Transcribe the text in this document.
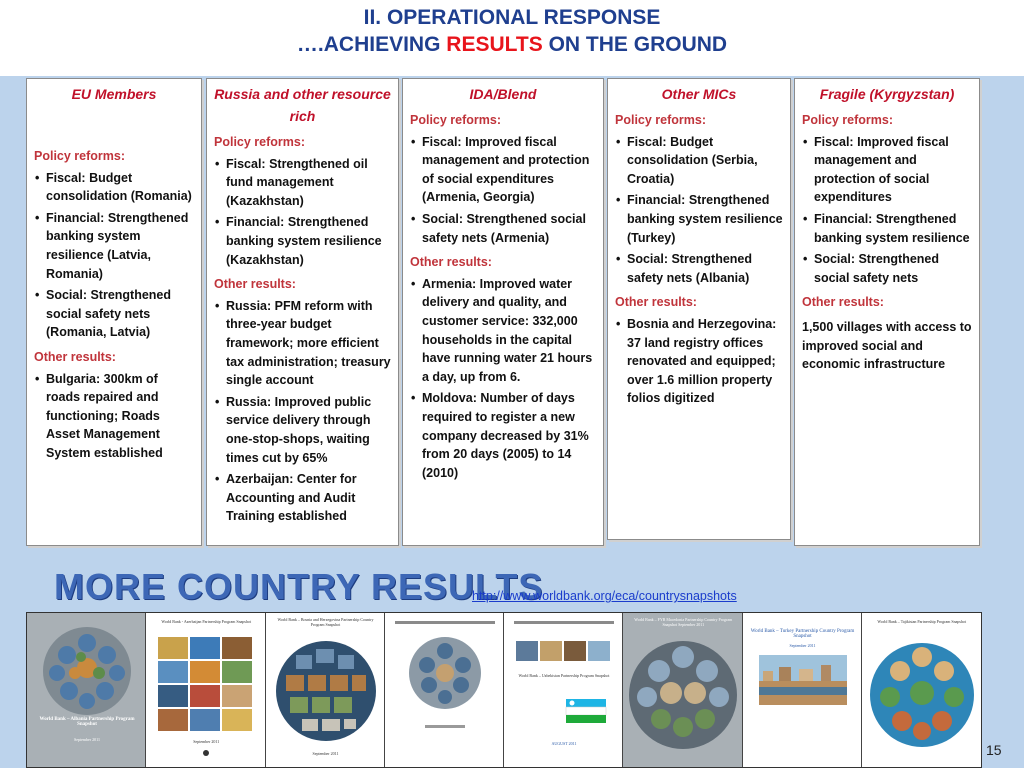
II. OPERATIONAL RESPONSE
….ACHIEVING RESULTS ON THE GROUND
EU Members
Policy reforms:
• Fiscal: Budget consolidation (Romania)
• Financial: Strengthened banking system resilience (Latvia, Romania)
• Social: Strengthened social safety nets (Romania, Latvia)
Other results:
• Bulgaria: 300km of roads repaired and functioning; Roads Asset Management System established
Russia and other resource rich
Policy reforms:
• Fiscal: Strengthened oil fund management (Kazakhstan)
• Financial: Strengthened banking system resilience (Kazakhstan)
Other results:
• Russia: PFM reform with three-year budget framework; more efficient tax administration; treasury single account
• Russia: Improved public service delivery through one-stop-shops, waiting times cut by 65%
• Azerbaijan: Center for Accounting and Audit Training established
IDA/Blend
Policy reforms:
• Fiscal: Improved fiscal management and protection of social expenditures (Armenia, Georgia)
• Social: Strengthened social safety nets (Armenia)
Other results:
• Armenia: Improved water delivery and quality, and customer service: 332,000 households in the capital have running water 21 hours a day, up from 6.
• Moldova: Number of days required to register a new company decreased by 31% from 20 days (2005) to 14 (2010)
Other MICs
Policy reforms:
• Fiscal: Budget consolidation (Serbia, Croatia)
• Financial: Strengthened banking system resilience (Turkey)
• Social: Strengthened safety nets (Albania)
Other results:
• Bosnia and Herzegovina: 37 land registry offices renovated and equipped; over 1.6 million property folios digitized
Fragile (Kyrgyzstan)
Policy reforms:
• Fiscal: Improved fiscal management and protection of social expenditures
• Financial: Strengthened banking system resilience
• Social: Strengthened social safety nets
Other results:

1,500 villages with access to improved social and economic infrastructure

MORE COUNTRY RESULTS
http://www.worldbank.org/eca/countrysnapshots
World Bank – Albania Partnership Program Snapshot
September 2011
World Bank - Azerbaijan Partnership Program Snapshot
September 2011
World Bank – Bosnia and Herzegovina Partnership Country Program Snapshot
September 2011
World Bank – Uzbekistan Partnership Program Snapshot
AUGUST 2011
World Bank – FYR Macedonia Partnership Country Program Snapshot September 2011
World Bank – Turkey Partnership Country Program Snapshot
September 2011
World Bank – Tajikistan Partnership Program Snapshot
15
